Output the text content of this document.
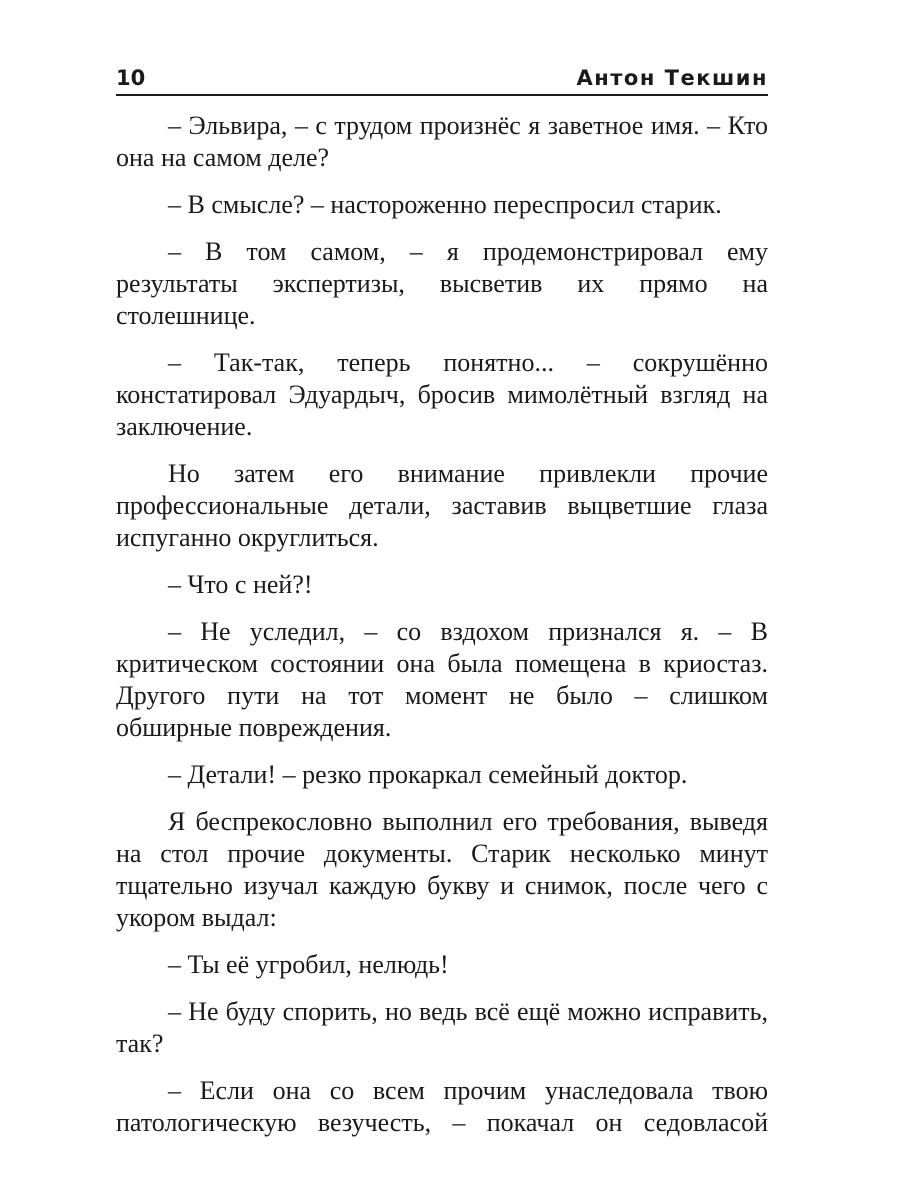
10	Антон Текшин

– Эльвира, – с трудом произнёс я заветное имя. – Кто она на самом деле?

– В смысле? – настороженно переспросил старик.

– В том самом, – я продемонстрировал ему результаты экспертизы, высветив их прямо на столешнице.

– Так-так, теперь понятно... – сокрушённо констатировал Эдуардыч, бросив мимолётный взгляд на заключение.

Но затем его внимание привлекли прочие профессиональные детали, заставив выцветшие глаза испуганно округлиться.

– Что с ней?!

– Не уследил, – со вздохом признался я. – В критическом состоянии она была помещена в криостаз. Другого пути на тот момент не было – слишком обширные повреждения.

– Детали! – резко прокаркал семейный доктор.

Я беспрекословно выполнил его требования, выведя на стол прочие документы. Старик несколько минут тщательно изучал каждую букву и снимок, после чего с укором выдал:

– Ты её угробил, нелюдь!

– Не буду спорить, но ведь всё ещё можно исправить, так?

– Если она со всем прочим унаследовала твою патологическую везучесть, – покачал он седовласой
